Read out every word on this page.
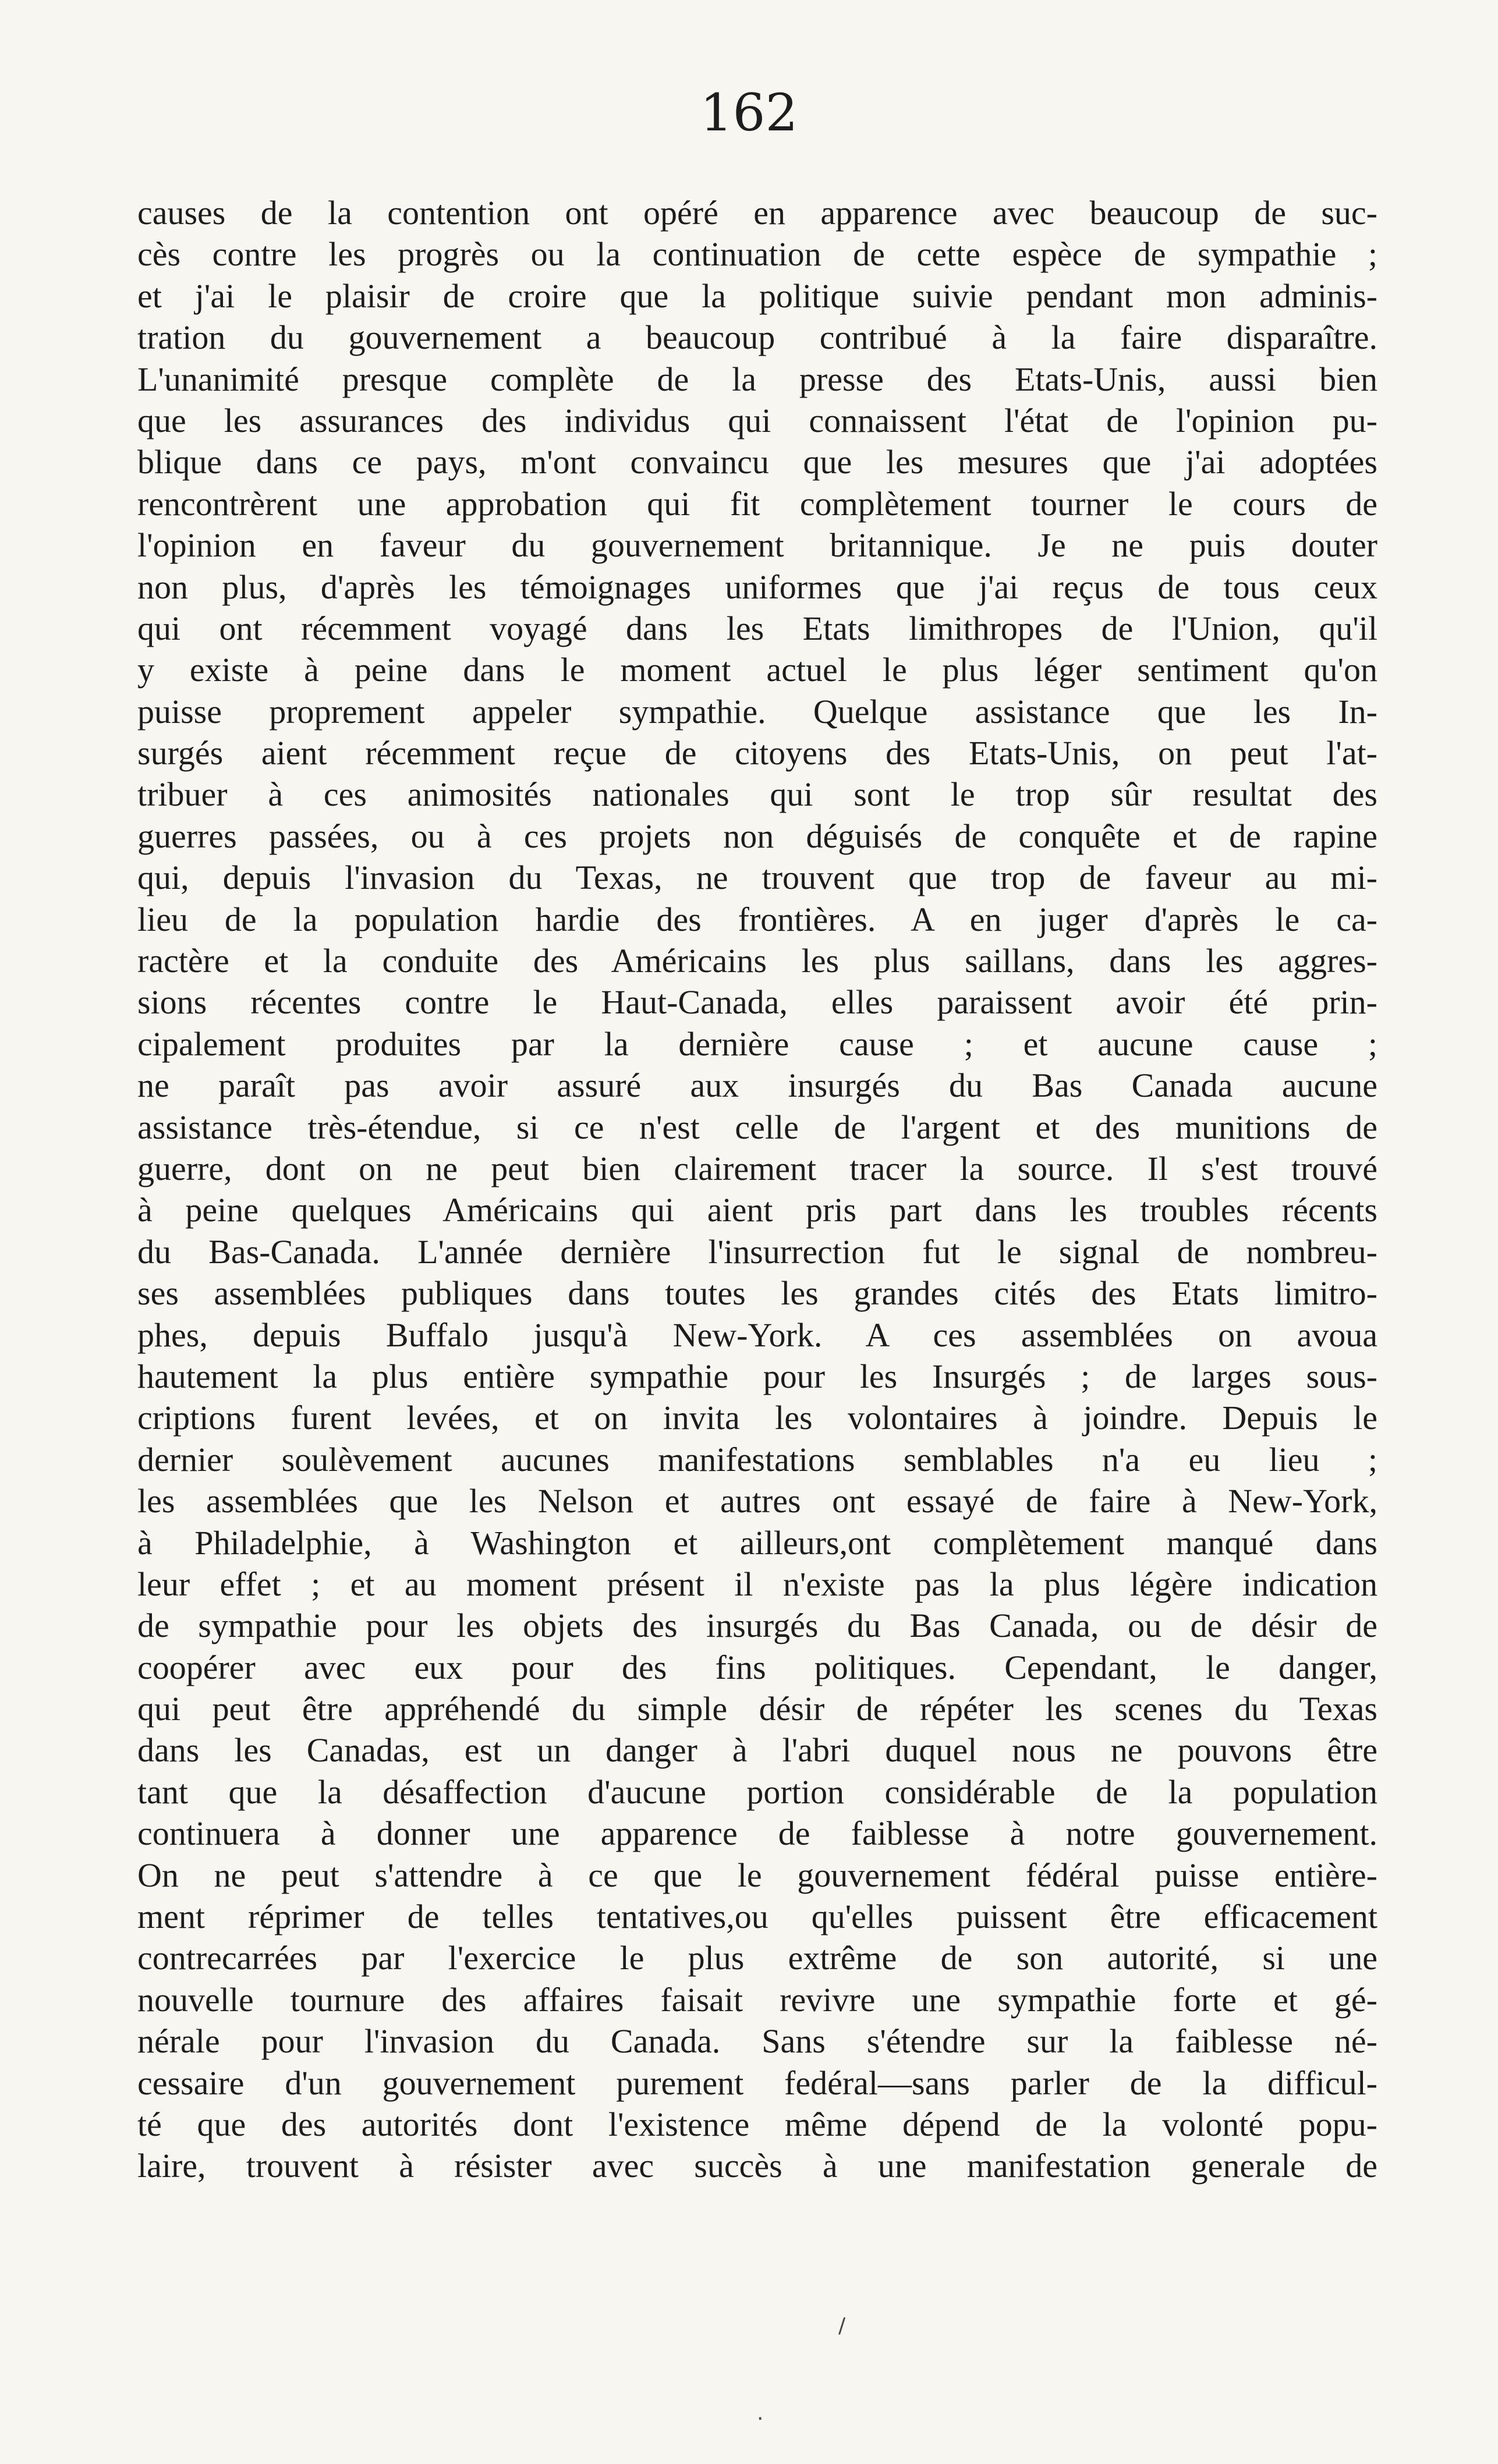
162
causes de la contention ont opéré en apparence avec beaucoup de suc-
cès contre les progrès ou la continuation de cette espèce de sympathie ;
et j'ai le plaisir de croire que la politique suivie pendant mon adminis-
tration du gouvernement a beaucoup contribué à la faire disparaître.
L'unanimité presque complète de la presse des Etats-Unis, aussi bien
que les assurances des individus qui connaissent l'état de l'opinion pu-
blique dans ce pays, m'ont convaincu que les mesures que j'ai adoptées
rencontrèrent une approbation qui fit complètement tourner le cours de
l'opinion en faveur du gouvernement britannique. Je ne puis douter
non plus, d'après les témoignages uniformes que j'ai reçus de tous ceux
qui ont récemment voyagé dans les Etats limithropes de l'Union, qu'il
y existe à peine dans le moment actuel le plus léger sentiment qu'on
puisse proprement appeler sympathie. Quelque assistance que les In-
surgés aient récemment reçue de citoyens des Etats-Unis, on peut l'at-
tribuer à ces animosités nationales qui sont le trop sûr resultat des
guerres passées, ou à ces projets non déguisés de conquête et de rapine
qui, depuis l'invasion du Texas, ne trouvent que trop de faveur au mi-
lieu de la population hardie des frontières. A en juger d'après le ca-
ractère et la conduite des Américains les plus saillans, dans les aggres-
sions récentes contre le Haut-Canada, elles paraissent avoir été prin-
cipalement produites par la dernière cause ; et aucune cause ;
ne paraît pas avoir assuré aux insurgés du Bas Canada aucune
assistance très-étendue, si ce n'est celle de l'argent et des munitions de
guerre, dont on ne peut bien clairement tracer la source. Il s'est trouvé
à peine quelques Américains qui aient pris part dans les troubles récents
du Bas-Canada. L'année dernière l'insurrection fut le signal de nombreu-
ses assemblées publiques dans toutes les grandes cités des Etats limitro-
phes, depuis Buffalo jusqu'à New-York. A ces assemblées on avoua
hautement la plus entière sympathie pour les Insurgés ; de larges sous-
criptions furent levées, et on invita les volontaires à joindre. Depuis le
dernier soulèvement aucunes manifestations semblables n'a eu lieu ;
les assemblées que les Nelson et autres ont essayé de faire à New-York,
à Philadelphie, à Washington et ailleurs,ont complètement manqué dans
leur effet ; et au moment présent il n'existe pas la plus légère indication
de sympathie pour les objets des insurgés du Bas Canada, ou de désir de
coopérer avec eux pour des fins politiques. Cependant, le danger,
qui peut être appréhendé du simple désir de répéter les scenes du Texas
dans les Canadas, est un danger à l'abri duquel nous ne pouvons être
tant que la désaffection d'aucune portion considérable de la population
continuera à donner une apparence de faiblesse à notre gouvernement.
On ne peut s'attendre à ce que le gouvernement fédéral puisse entière-
ment réprimer de telles tentatives,ou qu'elles puissent être efficacement
contrecarrées par l'exercice le plus extrême de son autorité, si une
nouvelle tournure des affaires faisait revivre une sympathie forte et gé-
nérale pour l'invasion du Canada. Sans s'étendre sur la faiblesse né-
cessaire d'un gouvernement purement fedéral—sans parler de la difficul-
té que des autorités dont l'existence même dépend de la volonté popu-
laire, trouvent à résister avec succès à une manifestation generale de
/
·
